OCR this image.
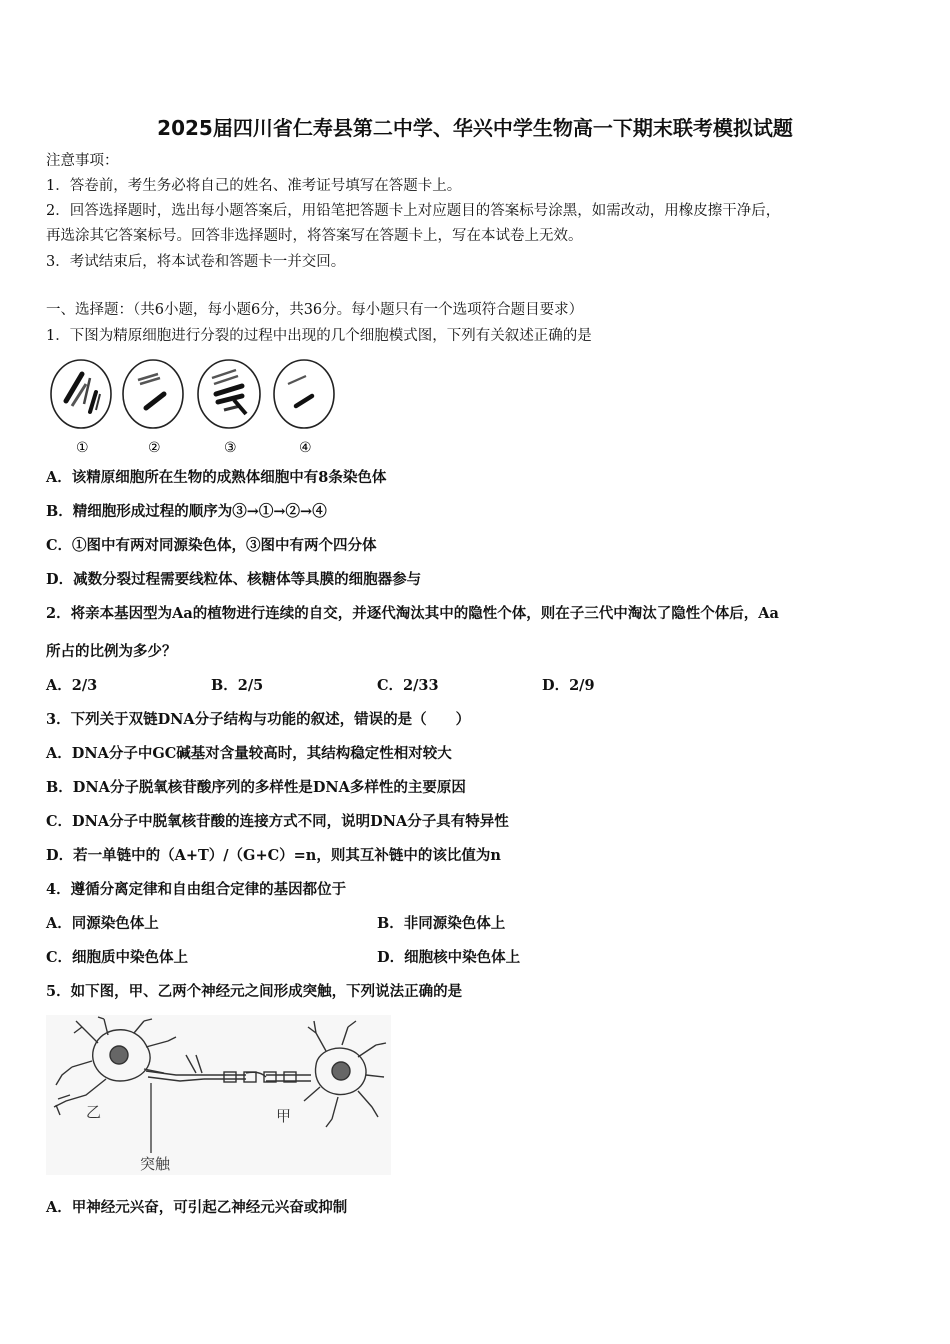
2025届四川省仁寿县第二中学、华兴中学生物高一下期末联考模拟试题
注意事项：
1．答卷前，考生务必将自己的姓名、准考证号填写在答题卡上。
2．回答选择题时，选出每小题答案后，用铅笔把答题卡上对应题目的答案标号涂黑，如需改动，用橡皮擦干净后，
再选涂其它答案标号。回答非选择题时，将答案写在答题卡上，写在本试卷上无效。
3．考试结束后，将本试卷和答题卡一并交回。
一、选择题：（共6小题，每小题6分，共36分。每小题只有一个选项符合题目要求）
1．下图为精原细胞进行分裂的过程中出现的几个细胞模式图，下列有关叙述正确的是
①	②	③	④
A．该精原细胞所在生物的成熟体细胞中有8条染色体
B．精细胞形成过程的顺序为③→①→②→④
C．①图中有两对同源染色体，③图中有两个四分体
D．减数分裂过程需要线粒体、核糖体等具膜的细胞器参与
2．将亲本基因型为Aa的植物进行连续的自交，并逐代淘汰其中的隐性个体，则在子三代中淘汰了隐性个体后，Aa
所占的比例为多少？
A．2/3	B．2/5	C．2/33	D．2/9
3．下列关于双链DNA分子结构与功能的叙述，错误的是（　　）
A．DNA分子中GC碱基对含量较高时，其结构稳定性相对较大
B．DNA分子脱氧核苷酸序列的多样性是DNA多样性的主要原因
C．DNA分子中脱氧核苷酸的连接方式不同，说明DNA分子具有特异性
D．若一单链中的（A+T）/（G+C）=n，则其互补链中的该比值为n
4．遵循分离定律和自由组合定律的基因都位于
A．同源染色体上	B．非同源染色体上
C．细胞质中染色体上	D．细胞核中染色体上
5．如下图，甲、乙两个神经元之间形成突触，下列说法正确的是
乙	甲
突触
A．甲神经元兴奋，可引起乙神经元兴奋或抑制
